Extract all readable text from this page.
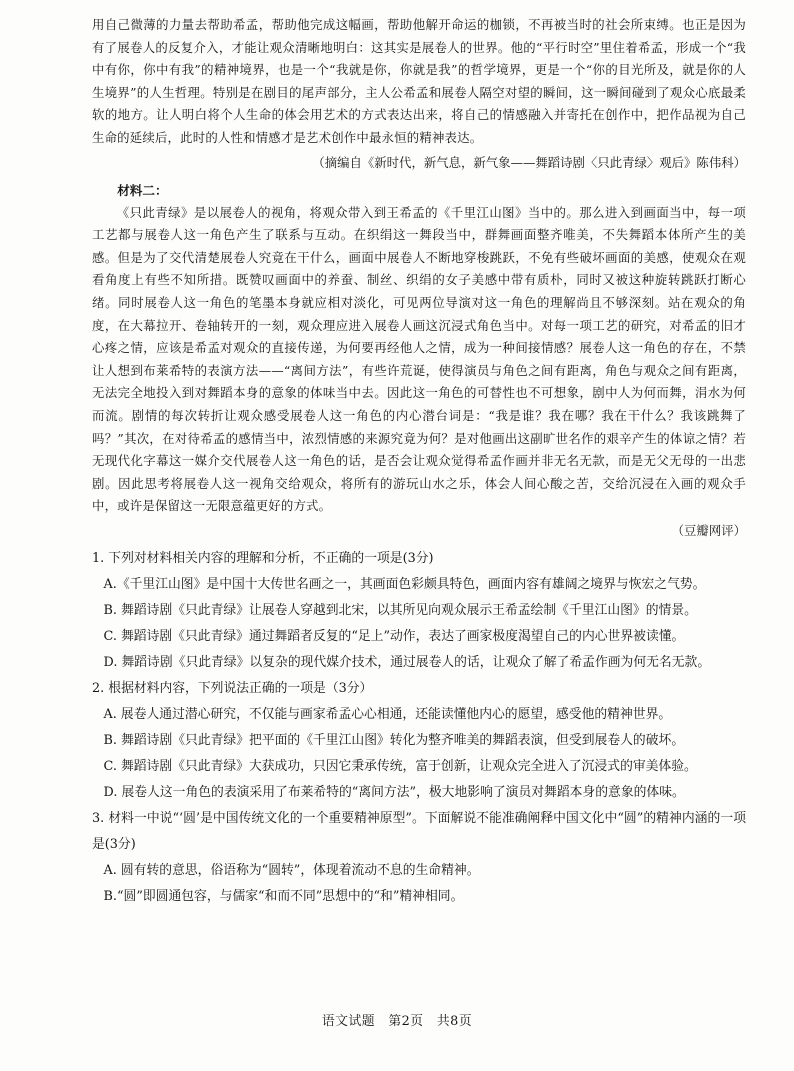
用自己微薄的力量去帮助希孟，帮助他完成这幅画，帮助他解开命运的枷锁，不再被当时的社会所束缚。也正是因为有了展卷人的反复介入，才能让观众清晰地明白：这其实是展卷人的世界。他的“平行时空”里住着希孟，形成一个“我中有你，你中有我”的精神境界，也是一个“我就是你，你就是我”的哲学境界，更是一个“你的目光所及，就是你的人生境界”的人生哲理。特别是在剧目的尾声部分，主人公希孟和展卷人隔空对望的瞬间，这一瞬间碰到了观众心底最柔软的地方。让人明白将个人生命的体会用艺术的方式表达出来，将自己的情感融入并寄托在创作中，把作品视为自己生命的延续后，此时的人性和情感才是艺术创作中最永恒的精神表达。

（摘编自《新时代，新气息，新气象——舞蹈诗剧〈只此青绿〉观后》陈伟科）

材料二：

《只此青绿》是以展卷人的视角，将观众带入到王希孟的《千里江山图》当中的。那么进入到画面当中，每一项工艺都与展卷人这一角色产生了联系与互动。在织绢这一舞段当中，群舞画面整齐唯美，不失舞蹈本体所产生的美感。但是为了交代清楚展卷人究竟在干什么，画面中展卷人不断地穿梭跳跃，不免有些破坏画面的美感，使观众在观看角度上有些不知所措。既赞叹画面中的养蚕、制丝、织绢的女子美感中带有质朴，同时又被这种旋转跳跃打断心绪。同时展卷人这一角色的笔墨本身就应相对淡化，可见两位导演对这一角色的理解尚且不够深刻。站在观众的角度，在大幕拉开、卷轴转开的一刻，观众理应进入展卷人画这沉浸式角色当中。对每一项工艺的研究，对希孟的旧才心疼之情，应该是希孟对观众的直接传递，为何要再经他人之情，成为一种间接情感？展卷人这一角色的存在，不禁让人想到布莱希特的表演方法——“离间方法”，有些许荒诞，使得演员与角色之间有距离，角色与观众之间有距离，无法完全地投入到对舞蹈本身的意象的体味当中去。因此这一角色的可替性也不可想象，剧中人为何而舞，涓水为何而流。剧情的每次转折让观众感受展卷人这一角色的内心潜台词是：“我是谁？我在哪？我在干什么？我该跳舞了吗？”其次，在对待希孟的感情当中，浓烈情感的来源究竟为何？是对他画出这副旷世名作的艰辛产生的体谅之情？若无现代化字幕这一媒介交代展卷人这一角色的话，是否会让观众觉得希孟作画并非无名无款，而是无父无母的一出悲剧。因此思考将展卷人这一视角交给观众，将所有的游玩山水之乐，体会人间心酸之苦，交给沉浸在入画的观众手中，或许是保留这一无限意蕴更好的方式。

（豆瓣网评）

1. 下列对材料相关内容的理解和分析，不正确的一项是(3分)

A.《千里江山图》是中国十大传世名画之一，其画面色彩颇具特色，画面内容有雄阔之境界与恢宏之气势。

B. 舞蹈诗剧《只此青绿》让展卷人穿越到北宋，以其所见向观众展示王希孟绘制《千里江山图》的情景。

C. 舞蹈诗剧《只此青绿》通过舞蹈者反复的“足上”动作，表达了画家极度渴望自己的内心世界被读懂。

D. 舞蹈诗剧《只此青绿》以复杂的现代媒介技术，通过展卷人的话，让观众了解了希孟作画为何无名无款。

2. 根据材料内容，下列说法正确的一项是（3分）

A. 展卷人通过潜心研究，不仅能与画家希孟心心相通，还能读懂他内心的愿望，感受他的精神世界。

B. 舞蹈诗剧《只此青绿》把平面的《千里江山图》转化为整齐唯美的舞蹈表演，但受到展卷人的破坏。

C. 舞蹈诗剧《只此青绿》大获成功，只因它秉承传统，富于创新，让观众完全进入了沉浸式的审美体验。

D. 展卷人这一角色的表演采用了布莱希特的“离间方法”，极大地影响了演员对舞蹈本身的意象的体味。

3. 材料一中说“‘圆’是中国传统文化的一个重要精神原型”。下面解说不能准确阐释中国文化中“圆”的精神内涵的一项是(3分)

A. 圆有转的意思，俗语称为“圆转”，体现着流动不息的生命精神。

B.“圆”即圆通包容，与儒家“和而不同”思想中的“和”精神相同。

语文试题　第2页　共8页
